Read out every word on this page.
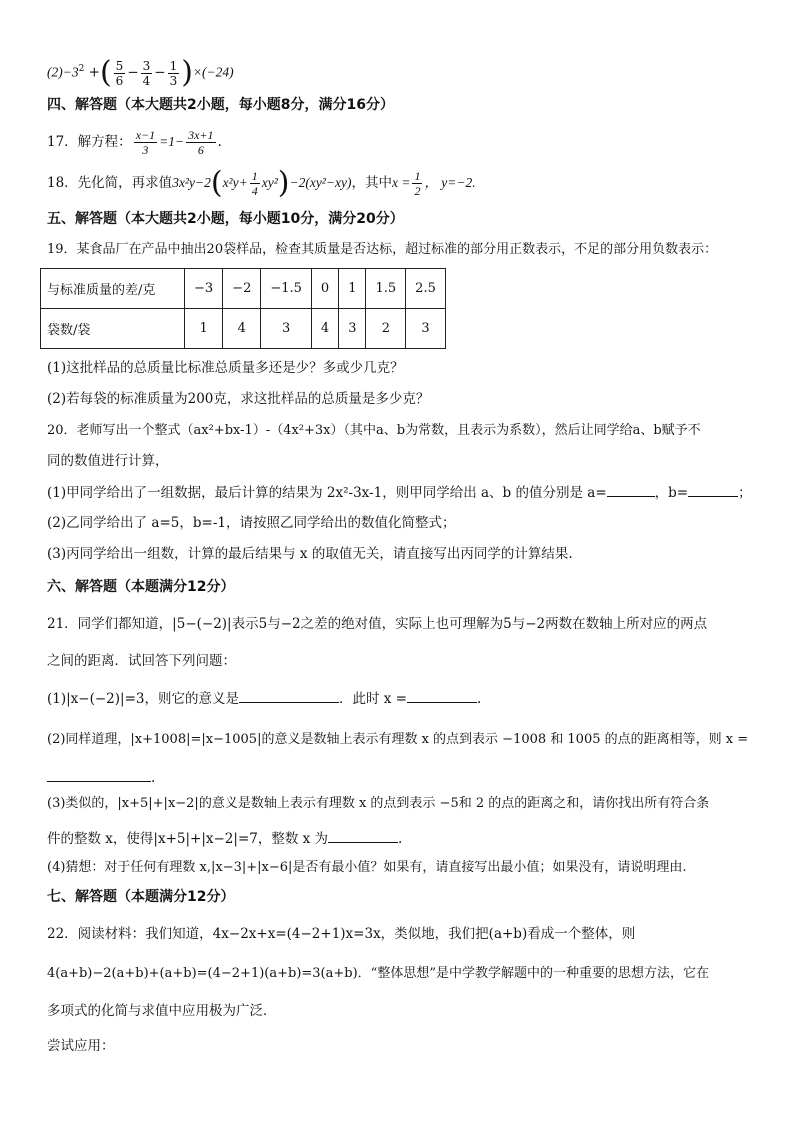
$(2)-3^2$ +( $\frac{5}{6} - \frac{3}{4} - \frac{1}{3} )\times(-24)$
四、解答题（本大题共2小题，每小题8分，满分16分）
17．解方程： $\frac{x-1}{3} =1- \frac{3x+1}{6}$ .
18．先化简，再求值$3x^2y-2(x^2y+ \frac{1}{4} xy^2)-2(xy^2-xy)$，其中$x = \frac{1}{2}$ ， y=−2.
五、解答题（本大题共2小题，每小题10分，满分20分）
19．某食品厂在产品中抽出20袋样品，检查其质量是否达标，超过标准的部分用正数表示，不足的部分用负数表示：
与标准质量的差/克	−3	−2	−1.5	0	1	1.5	2.5
袋数/袋	1	4	3	4	3	2	3
(1)这批样品的总质量比标准总质量多还是少？多或少几克？
(2)若每袋的标准质量为200克，求这批样品的总质量是多少克？
20．老师写出一个整式（ax²+bx-1）-（4x²+3x）（其中a、b为常数，且表示为系数），然后让同学给a、b赋予不
同的数值进行计算，
(1)甲同学给出了一组数据，最后计算的结果为 2x²-3x-1，则甲同学给出 a、b 的值分别是 a=	，b=	；
(2)乙同学给出了 a=5，b=-1，请按照乙同学给出的数值化简整式；
(3)丙同学给出一组数，计算的最后结果与 x 的取值无关，请直接写出丙同学的计算结果.
六、解答题（本题满分12分）
21．同学们都知道，|5−(−2)|表示5与−2之差的绝对值，实际上也可理解为5与−2两数在数轴上所对应的两点
之间的距离．试回答下列问题：
(1)|x−(−2)|=3，则它的意义是	．此时 x =	.
(2)同样道理，|x+1008|=|x−1005|的意义是数轴上表示有理数 x 的点到表示 −1008 和 1005 的点的距离相等，则 x =
.
(3)类似的，|x+5|+|x−2|的意义是数轴上表示有理数 x 的点到表示 −5和 2 的点的距离之和，请你找出所有符合条
件的整数 x，使得|x+5|+|x−2|=7，整数 x 为	.
(4)猜想：对于任何有理数 x,|x−3|+|x−6|是否有最小值？如果有，请直接写出最小值；如果没有，请说明理由.
七、解答题（本题满分12分）
22．阅读材料：我们知道，4x−2x+x=(4−2+1)x=3x，类似地，我们把(a+b)看成一个整体，则
4(a+b)−2(a+b)+(a+b)=(4−2+1)(a+b)=3(a+b)．“整体思想”是中学教学解题中的一种重要的思想方法，它在
多项式的化简与求值中应用极为广泛．
尝试应用：
